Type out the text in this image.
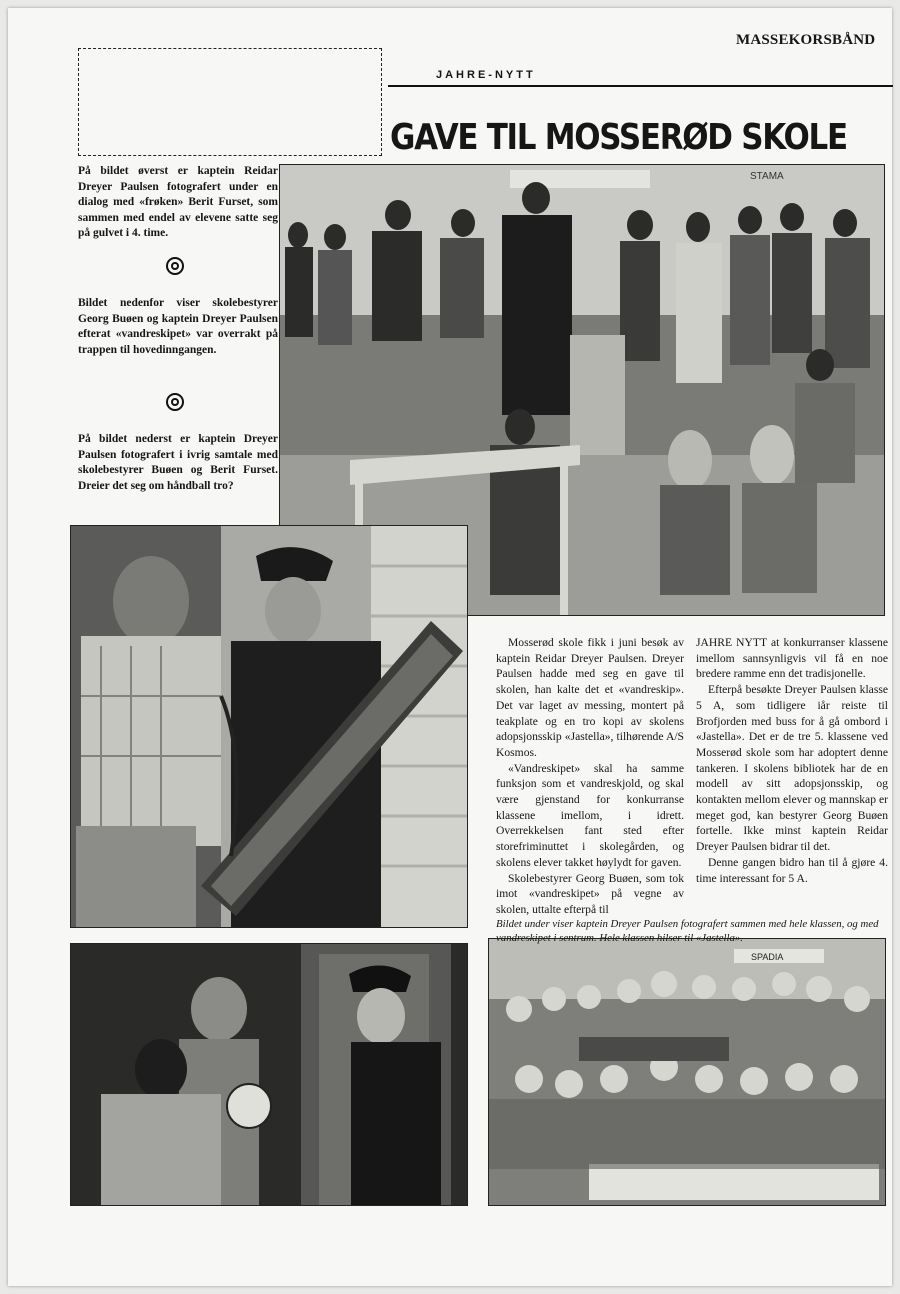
MASSEKORSBÅND
JAHRE-NYTT
GAVE TIL MOSSERØD SKOLE
På bildet øverst er kaptein Reidar Dreyer Paulsen fotografert under en dialog med «frøken» Berit Furset, som sammen med endel av elevene satte seg på gulvet i 4. time.
Bildet nedenfor viser skolebestyrer Georg Buøen og kaptein Dreyer Paulsen efterat «vandreskipet» var overrakt på trappen til hovedinngangen.
På bildet nederst er kaptein Dreyer Paulsen fotografert i ivrig samtale med skolebestyrer Buøen og Berit Furset. Dreier det seg om håndball tro?
STAMA
SPADIA

Mosserød skole fikk i juni besøk av kaptein Reidar Dreyer Paulsen. Dreyer Paulsen hadde med seg en gave til skolen, han kalte det et «vandreskip». Det var laget av messing, montert på teakplate og en tro kopi av skolens adopsjonsskip «Jastella», tilhørende A/S Kosmos.

«Vandreskipet» skal ha samme funksjon som et vandreskjold, og skal være gjenstand for konkurranse klassene imellom, i idrett. Overrekkelsen fant sted efter storefriminuttet i skolegården, og skolens elever takket høylydt for gaven.

Skolebestyrer Georg Buøen, som tok imot «vandreskipet» på vegne av skolen, uttalte efterpå til

JAHRE NYTT at konkurranser klassene imellom sannsynligvis vil få en noe bredere ramme enn det tradisjonelle.

Efterpå besøkte Dreyer Paulsen klasse 5 A, som tidligere iår reiste til Brofjorden med buss for å gå ombord i «Jastella». Det er de tre 5. klassene ved Mosserød skole som har adoptert denne tankeren. I skolens bibliotek har de en modell av sitt adopsjonsskip, og kontakten mellom elever og mannskap er meget god, kan bestyrer Georg Buøen fortelle. Ikke minst kaptein Reidar Dreyer Paulsen bidrar til det.

Denne gangen bidro han til å gjøre 4. time interessant for 5 A.

Bildet under viser kaptein Dreyer Paulsen fotografert sammen med hele klassen, og med vandreskipet i sentrum. Hele klassen hilser til «Jastella».
